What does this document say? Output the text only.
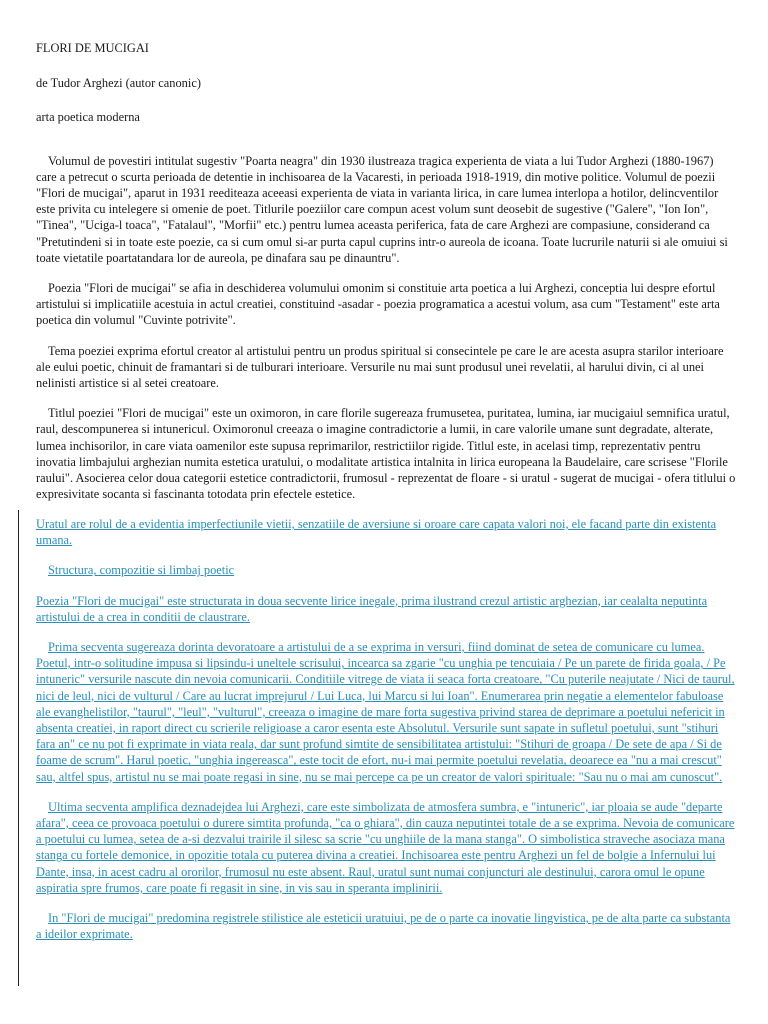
FLORI DE MUCIGAI

de Tudor Arghezi (autor canonic)

arta poetica moderna

Volumul de povestiri intitulat sugestiv "Poarta neagra" din 1930 ilustreaza tragica experienta de viata a lui Tudor Arghezi (1880-1967) care a petrecut o scurta perioada de detentie in inchisoarea de la Vacaresti, in perioada 1918-1919, din motive politice. Volumul de poezii "Flori de mucigai", aparut in 1931 reediteaza aceeasi experienta de viata in varianta lirica, in care lumea interlopa a hotilor, delincventilor este privita cu intelegere si omenie de poet. Titlurile poeziilor care compun acest volum sunt deosebit de sugestive ("Galere", "Ion Ion", "Tinea", "Uciga-l toaca", "Fatalaul", "Morfii" etc.) pentru lumea aceasta periferica, fata de care Arghezi are compasiune, considerand ca "Pretutindeni si in toate este poezie, ca si cum omul si-ar purta capul cuprins intr-o aureola de icoana. Toate lucrurile naturii si ale omuiui si toate vietatile poartatandara lor de aureola, pe dinafara sau pe dinauntru".

Poezia "Flori de mucigai" se afia in deschiderea volumului omonim si constituie arta poetica a lui Arghezi, conceptia lui despre efortul artistului si implicatiile acestuia in actul creatiei, constituind -asadar - poezia programatica a acestui volum, asa cum "Testament" este arta poetica din volumul "Cuvinte potrivite".

Tema poeziei exprima efortul creator al artistului pentru un produs spiritual si consecintele pe care le are acesta asupra starilor interioare ale eului poetic, chinuit de framantari si de tulburari interioare. Versurile nu mai sunt produsul unei revelatii, al harului divin, ci al unei nelinisti artistice si al setei creatoare.

Titlul poeziei "Flori de mucigai" este un oximoron, in care florile sugereaza frumusetea, puritatea, lumina, iar mucigaiul semnifica uratul, raul, descompunerea si intunericul. Oximoronul creeaza o imagine contradictorie a lumii, in care valorile umane sunt degradate, alterate, lumea inchisorilor, in care viata oamenilor este supusa reprimarilor, restrictiilor rigide. Titlul este, in acelasi timp, reprezentativ pentru inovatia limbajului arghezian numita estetica uratului, o modalitate artistica intalnita in lirica europeana la Baudelaire, care scrisese "Florile raului". Asocierea celor doua categorii estetice contradictorii, frumosul - reprezentat de floare - si uratul - sugerat de mucigai - ofera titlului o expresivitate socanta si fascinanta totodata prin efectele estetice.

Uratul are rolul de a evidentia imperfectiunile vietii, senzatiile de aversiune si oroare care capata valori noi, ele facand parte din existenta umana.

Structura, compozitie si limbaj poetic

Poezia "Flori de mucigai" este structurata in doua secvente lirice inegale, prima ilustrand crezul artistic arghezian, iar cealalta neputinta artistului de a crea in conditii de claustrare.

Prima secventa sugereaza dorinta devoratoare a artistului de a se exprima in versuri, fiind dominat de setea de comunicare cu lumea. Poetul, intr-o solitudine impusa si lipsindu-i uneltele scrisului, incearca sa zgarie "cu unghia pe tencuiaia / Pe un parete de firida goala, / Pe intuneric" versurile nascute din nevoia comunicarii. Conditiile vitrege de viata ii seaca forta creatoare, "Cu puterile neajutate / Nici de taurul, nici de leul, nici de vulturul / Care au lucrat imprejurul / Lui Luca, lui Marcu si lui Ioan". Enumerarea prin negatie a elementelor fabuloase ale evanghelistilor, "taurul", "leul", "vulturul", creeaza o imagine de mare forta sugestiva privind starea de deprimare a poetului nefericit in absenta creatiei, in raport direct cu scrierile religioase a caror esenta este Absolutul. Versurile sunt sapate in sufletul poetului, sunt "stihuri fara an" ce nu pot fi exprimate in viata reala, dar sunt profund simtite de sensibilitatea artistului: "Stihuri de groapa / De sete de apa / Si de foame de scrum". Harul poetic, "unghia ingereasca", este tocit de efort, nu-i mai permite poetului revelatia, deoarece ea "nu a mai crescut" sau, altfel spus, artistul nu se mai poate regasi in sine, nu se mai percepe ca pe un creator de valori spirituale: "Sau nu o mai am cunoscut".

Ultima secventa amplifica deznadejdea lui Arghezi, care este simbolizata de atmosfera sumbra, e "intuneric", iar ploaia se aude "departe afara", ceea ce provoaca poetului o durere simtita profunda, "ca o ghiara", din cauza neputintei totale de a se exprima. Nevoia de comunicare a poetului cu lumea, setea de a-si dezvalui trairile il silesc sa scrie "cu unghiile de la mana stanga". O simbolistica straveche asociaza mana stanga cu fortele demonice, in opozitie totala cu puterea divina a creatiei. Inchisoarea este pentru Arghezi un fel de bolgie a Infernului lui Dante, insa, in acest cadru al ororilor, frumosul nu este absent. Raul, uratul sunt numai conjuncturi ale destinului, carora omul le opune aspiratia spre frumos, care poate fi regasit in sine, in vis sau in speranta implinirii.

In "Flori de mucigai" predomina registrele stilistice ale esteticii uratuiui, pe de o parte ca inovatie lingvistica, pe de alta parte ca substanta a ideilor exprimate.
